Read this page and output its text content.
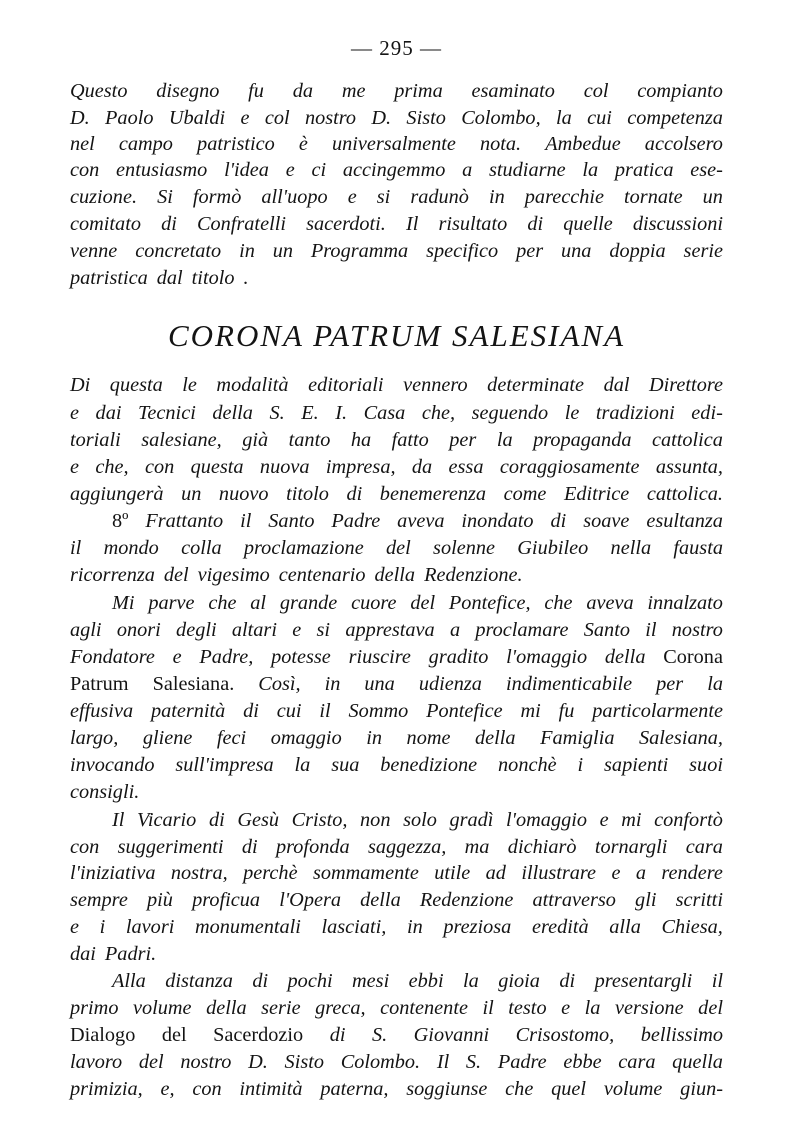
— 295 —
CORONA PATRUM SALESIANA
Questo disegno fu da me prima esaminato col compianto
D. Paolo Ubaldi e col nostro D. Sisto Colombo, la cui competenza
nel campo patristico è universalmente nota. Ambedue accolsero
con entusiasmo l'idea e ci accingemmo a studiarne la pratica ese-
cuzione. Si formò all'uopo e si radunò in parecchie tornate un
comitato di Confratelli sacerdoti. Il risultato di quelle discussioni
venne concretato in un Programma specifico per una doppia serie
patristica dal titolo .
Di questa le modalità editoriali vennero determinate dal Direttore
e dai Tecnici della S. E. I. Casa che, seguendo le tradizioni edi-
toriali salesiane, già tanto ha fatto per la propaganda cattolica
e che, con questa nuova impresa, da essa coraggiosamente assunta,
aggiungerà un nuovo titolo di benemerenza come Editrice cattolica.
8º Frattanto il Santo Padre aveva inondato di soave esultanza
il mondo colla proclamazione del solenne Giubileo nella fausta
ricorrenza del vigesimo centenario della Redenzione.
Mi parve che al grande cuore del Pontefice, che aveva innalzato
agli onori degli altari e si apprestava a proclamare Santo il nostro
Fondatore e Padre, potesse riuscire gradito l'omaggio della Corona
Patrum Salesiana. Così, in una udienza indimenticabile per la
effusiva paternità di cui il Sommo Pontefice mi fu particolarmente
largo, gliene feci omaggio in nome della Famiglia Salesiana,
invocando sull'impresa la sua benedizione nonchè i sapienti suoi
consigli.
Il Vicario di Gesù Cristo, non solo gradì l'omaggio e mi confortò
con suggerimenti di profonda saggezza, ma dichiarò tornargli cara
l'iniziativa nostra, perchè sommamente utile ad illustrare e a rendere
sempre più proficua l'Opera della Redenzione attraverso gli scritti
e i lavori monumentali lasciati, in preziosa eredità alla Chiesa,
dai Padri.
Alla distanza di pochi mesi ebbi la gioia di presentargli il
primo volume della serie greca, contenente il testo e la versione del
Dialogo del Sacerdozio di S. Giovanni Crisostomo, bellissimo
lavoro del nostro D. Sisto Colombo. Il S. Padre ebbe cara quella
primizia, e, con intimità paterna, soggiunse che quel volume giun-
